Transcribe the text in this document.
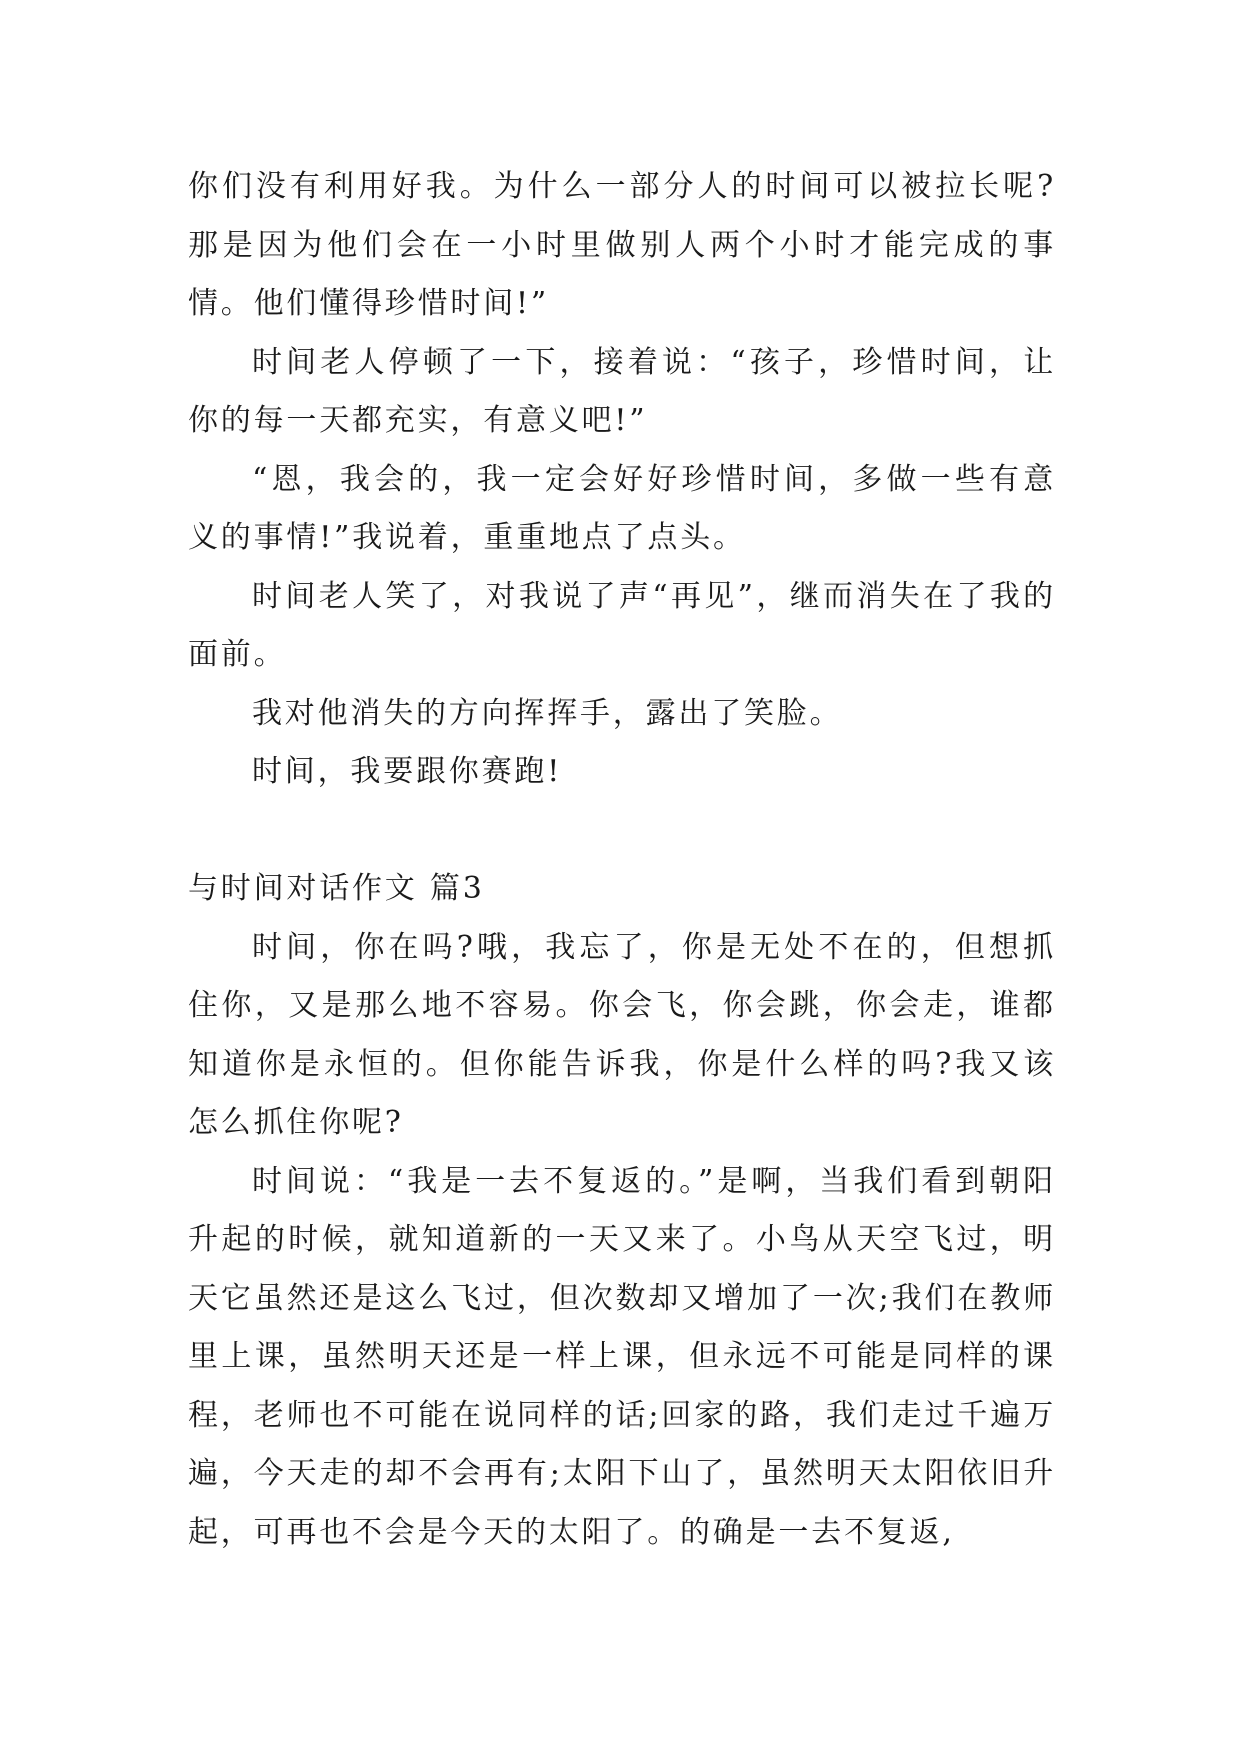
你们没有利用好我。为什么一部分人的时间可以被拉长呢?那是因为他们会在一小时里做别人两个小时才能完成的事情。他们懂得珍惜时间!”

时间老人停顿了一下，接着说：“孩子，珍惜时间，让你的每一天都充实，有意义吧!”

“恩，我会的，我一定会好好珍惜时间，多做一些有意义的事情!”我说着，重重地点了点头。

时间老人笑了，对我说了声“再见”，继而消失在了我的面前。

我对他消失的方向挥挥手，露出了笑脸。

时间，我要跟你赛跑!

与时间对话作文 篇3

时间，你在吗?哦，我忘了，你是无处不在的，但想抓住你，又是那么地不容易。你会飞，你会跳，你会走，谁都知道你是永恒的。但你能告诉我，你是什么样的吗?我又该怎么抓住你呢?

时间说：“我是一去不复返的。”是啊，当我们看到朝阳升起的时候，就知道新的一天又来了。小鸟从天空飞过，明天它虽然还是这么飞过，但次数却又增加了一次;我们在教师里上课，虽然明天还是一样上课，但永远不可能是同样的课程，老师也不可能在说同样的话;回家的路，我们走过千遍万遍，今天走的却不会再有;太阳下山了，虽然明天太阳依旧升起，可再也不会是今天的太阳了。的确是一去不复返,
